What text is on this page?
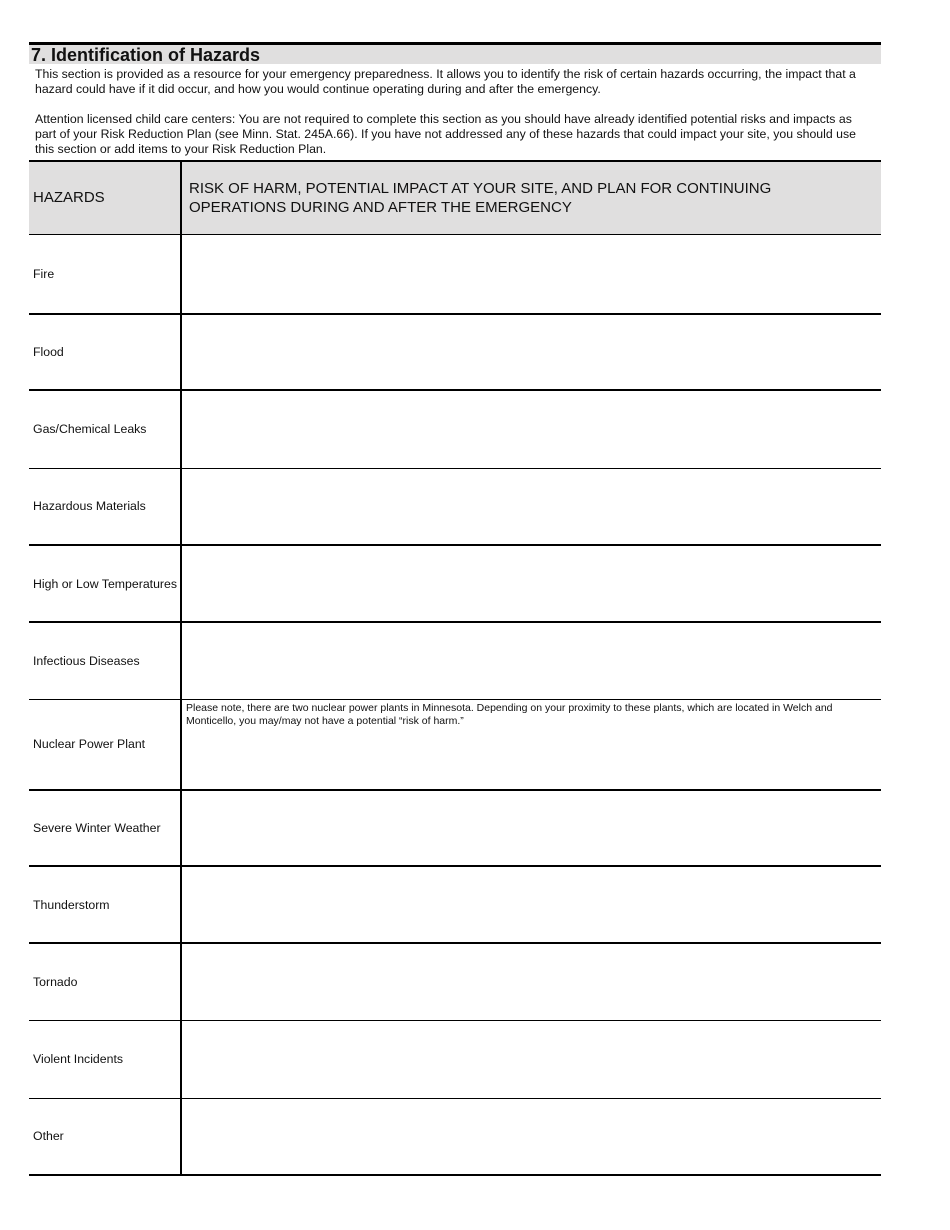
7. Identification of Hazards

This section is provided as a resource for your emergency preparedness. It allows you to identify the risk of certain hazards occurring, the impact that a hazard could have if it did occur, and how you would continue operating during and after the emergency.

Attention licensed child care centers: You are not required to complete this section as you should have already identified potential risks and impacts as part of your Risk Reduction Plan (see Minn. Stat. 245A.66). If you have not addressed any of these hazards that could impact your site, you should use this section or add items to your Risk Reduction Plan.

HAZARDS	RISK OF HARM, POTENTIAL IMPACT AT YOUR SITE, AND PLAN FOR CONTINUING OPERATIONS DURING AND AFTER THE EMERGENCY
Fire	
Flood	
Gas/Chemical Leaks	
Hazardous Materials	
High or Low Temperatures	
Infectious Diseases	
Nuclear Power Plant	Please note, there are two nuclear power plants in Minnesota. Depending on your proximity to these plants, which are located in Welch and Monticello, you may/may not have a potential “risk of harm.”
Severe Winter Weather	
Thunderstorm	
Tornado	
Violent Incidents	
Other	
